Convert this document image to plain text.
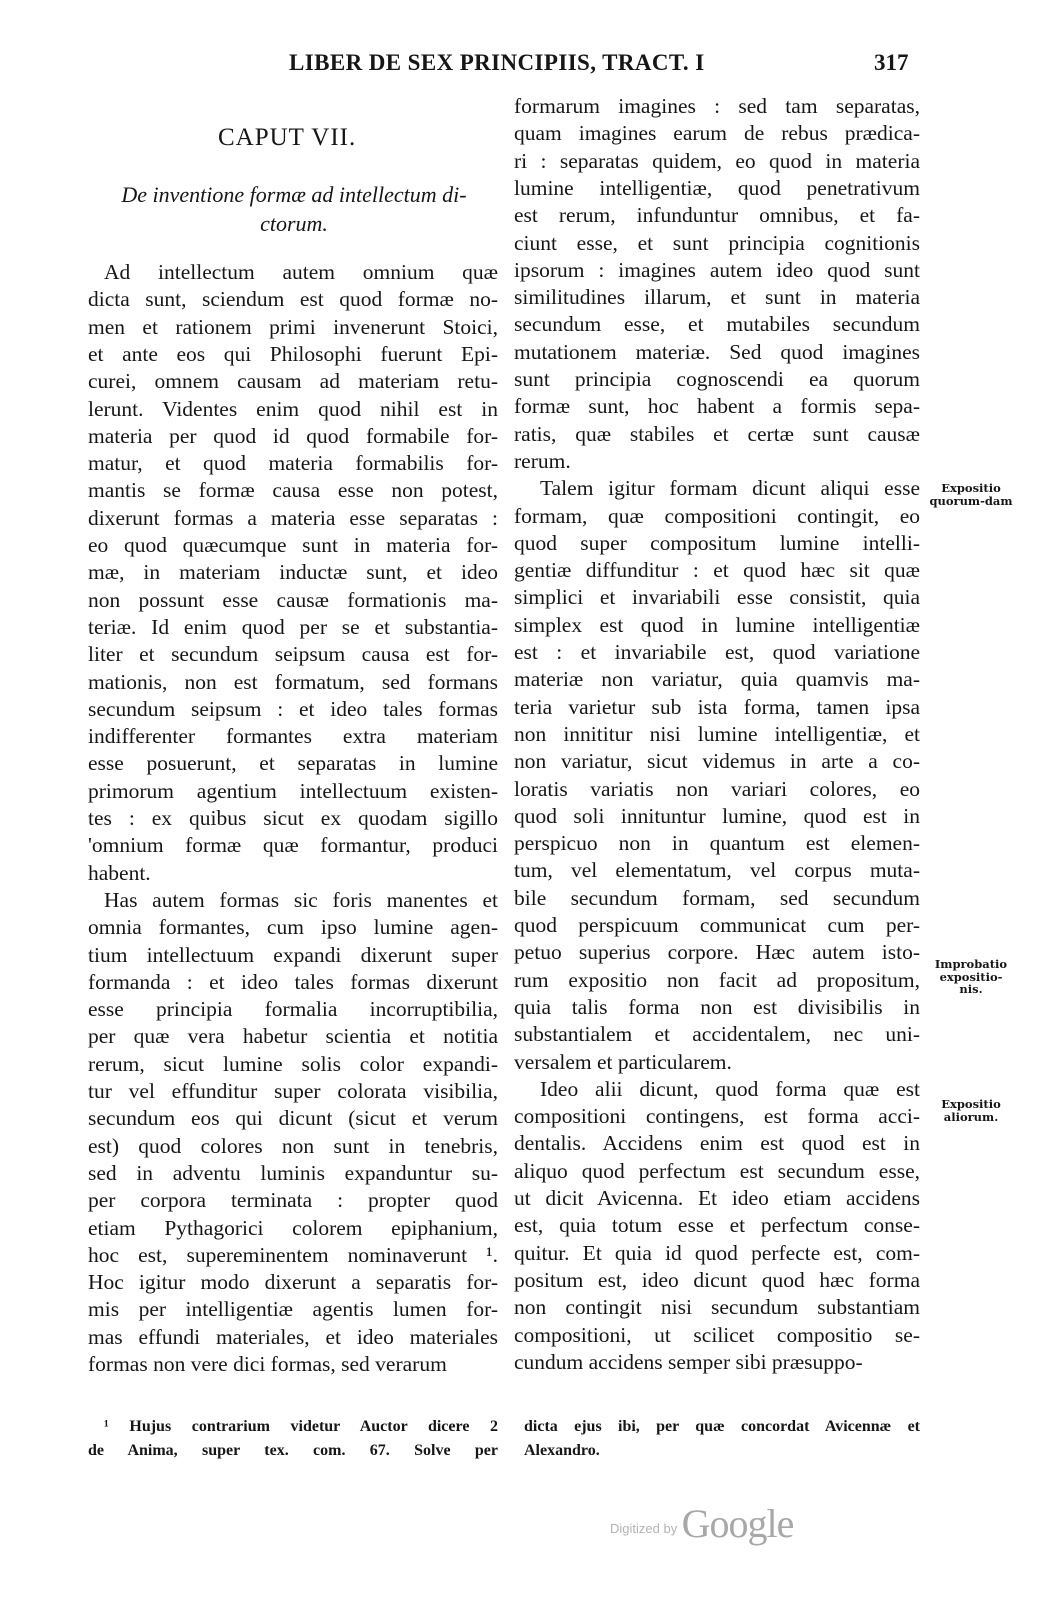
LIBER DE SEX PRINCIPIIS, TRACT. I	317
CAPUT VII.
De inventione formæ ad intellectum di-
ctorum.
Ad intellectum autem omnium quæ
dicta sunt, sciendum est quod formæ no-
men et rationem primi invenerunt Stoici,
et ante eos qui Philosophi fuerunt Epi-
curei, omnem causam ad materiam retu-
lerunt. Videntes enim quod nihil est in
materia per quod id quod formabile for-
matur, et quod materia formabilis for-
mantis se formæ causa esse non potest,
dixerunt formas a materia esse separatas :
eo quod quæcumque sunt in materia for-
mæ, in materiam inductæ sunt, et ideo
non possunt esse causæ formationis ma-
teriæ. Id enim quod per se et substantia-
liter et secundum seipsum causa est for-
mationis, non est formatum, sed formans
secundum seipsum : et ideo tales formas
indifferenter formantes extra materiam
esse posuerunt, et separatas in lumine
primorum agentium intellectuum existen-
tes : ex quibus sicut ex quodam sigillo
'omnium formæ quæ formantur, produci
habent.
Has autem formas sic foris manentes et
omnia formantes, cum ipso lumine agen-
tium intellectuum expandi dixerunt super
formanda : et ideo tales formas dixerunt
esse principia formalia incorruptibilia,
per quæ vera habetur scientia et notitia
rerum, sicut lumine solis color expandi-
tur vel effunditur super colorata visibilia,
secundum eos qui dicunt (sicut et verum
est) quod colores non sunt in tenebris,
sed in adventu luminis expanduntur su-
per corpora terminata : propter quod
etiam Pythagorici colorem epiphanium,
hoc est, supereminentem nominaverunt ¹.
Hoc igitur modo dixerunt a separatis for-
mis per intelligentiæ agentis lumen for-
mas effundi materiales, et ideo materiales
formas non vere dici formas, sed verarum
formarum imagines : sed tam separatas,
quam imagines earum de rebus prædica-
ri : separatas quidem, eo quod in materia
lumine intelligentiæ, quod penetrativum
est rerum, infunduntur omnibus, et fa-
ciunt esse, et sunt principia cognitionis
ipsorum : imagines autem ideo quod sunt
similitudines illarum, et sunt in materia
secundum esse, et mutabiles secundum
mutationem materiæ. Sed quod imagines
sunt principia cognoscendi ea quorum
formæ sunt, hoc habent a formis sepa-
ratis, quæ stabiles et certæ sunt causæ
rerum.
Talem igitur formam dicunt aliqui esse
formam, quæ compositioni contingit, eo
quod super compositum lumine intelli-
gentiæ diffunditur : et quod hæc sit quæ
simplici et invariabili esse consistit, quia
simplex est quod in lumine intelligentiæ
est : et invariabile est, quod variatione
materiæ non variatur, quia quamvis ma-
teria varietur sub ista forma, tamen ipsa
non innititur nisi lumine intelligentiæ, et
non variatur, sicut videmus in arte a co-
loratis variatis non variari colores, eo
quod soli innituntur lumine, quod est in
perspicuo non in quantum est elemen-
tum, vel elementatum, vel corpus muta-
bile secundum formam, sed secundum
quod perspicuum communicat cum per-
petuo superius corpore. Hæc autem isto-
rum expositio non facit ad propositum,
quia talis forma non est divisibilis in
substantialem et accidentalem, nec uni-
versalem et particularem.
Ideo alii dicunt, quod forma quæ est
compositioni contingens, est forma acci-
dentalis. Accidens enim est quod est in
aliquo quod perfectum est secundum esse,
ut dicit Avicenna. Et ideo etiam accidens
est, quia totum esse et perfectum conse-
quitur. Et quia id quod perfecte est, com-
positum est, ideo dicunt quod hæc forma
non contingit nisi secundum substantiam
compositioni, ut scilicet compositio se-
cundum accidens semper sibi præsuppo-
Expositio quorum-dam
Improbatio expositio-nis.
Expositio aliorum.
¹ Hujus contrarium videtur Auctor dicere 2
de Anima, super tex. com. 67. Solve per
dicta ejus ibi, per quæ concordat Avicennæ et
Alexandro.
$^{Digitized by}$ Google
